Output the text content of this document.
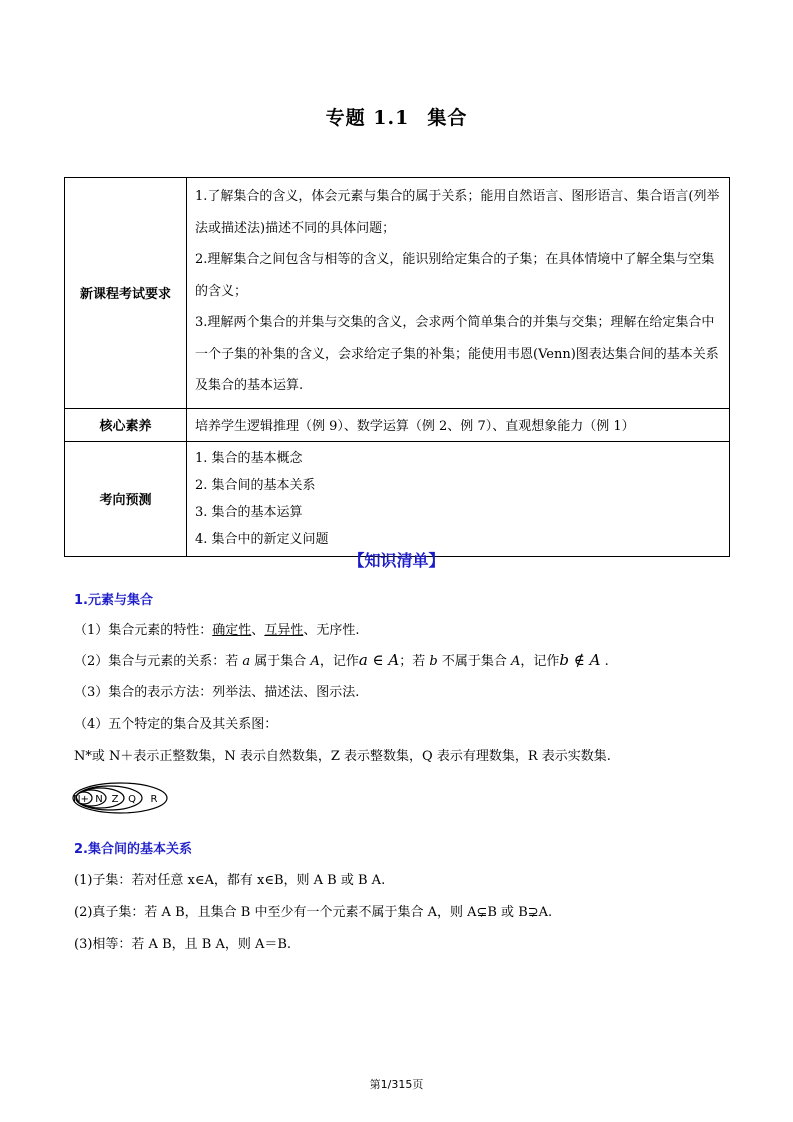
专题 1.1 集合
新课程考试要求	1.了解集合的含义，体会元素与集合的属于关系；能用自然语言、图形语言、集合语言(列举法或描述法)描述不同的具体问题；
2.理解集合之间包含与相等的含义，能识别给定集合的子集；在具体情境中了解全集与空集的含义；
3.理解两个集合的并集与交集的含义，会求两个简单集合的并集与交集；理解在给定集合中一个子集的补集的含义，会求给定子集的补集；能使用韦恩(Venn)图表达集合间的基本关系及集合的基本运算.

核心素养	培养学生逻辑推理（例 9）、数学运算（例 2、例 7）、直观想象能力（例 1）
考向预测	1. 集合的基本概念
2. 集合间的基本关系
3. 集合的基本运算
4. 集合中的新定义问题
【知识清单】
1.元素与集合
（1）集合元素的特性：确定性、互异性、无序性.
（2）集合与元素的关系：若 a 属于集合 A，记作a ∈ A；若 b 不属于集合 A，记作b ∉ A .
（3）集合的表示方法：列举法、描述法、图示法.
（4）五个特定的集合及其关系图：
N*或 N＋表示正整数集，N 表示自然数集，Z 表示整数集，Q 表示有理数集，R 表示实数集.
N+ N Z Q R
2.集合间的基本关系
(1)子集：若对任意 x∈A，都有 x∈B，则 A B 或 B A.
(2)真子集：若 A B，且集合 B 中至少有一个元素不属于集合 A，则 A⊊B 或 B⊋A.
(3)相等：若 A B，且 B A，则 A＝B.
第1/315页
